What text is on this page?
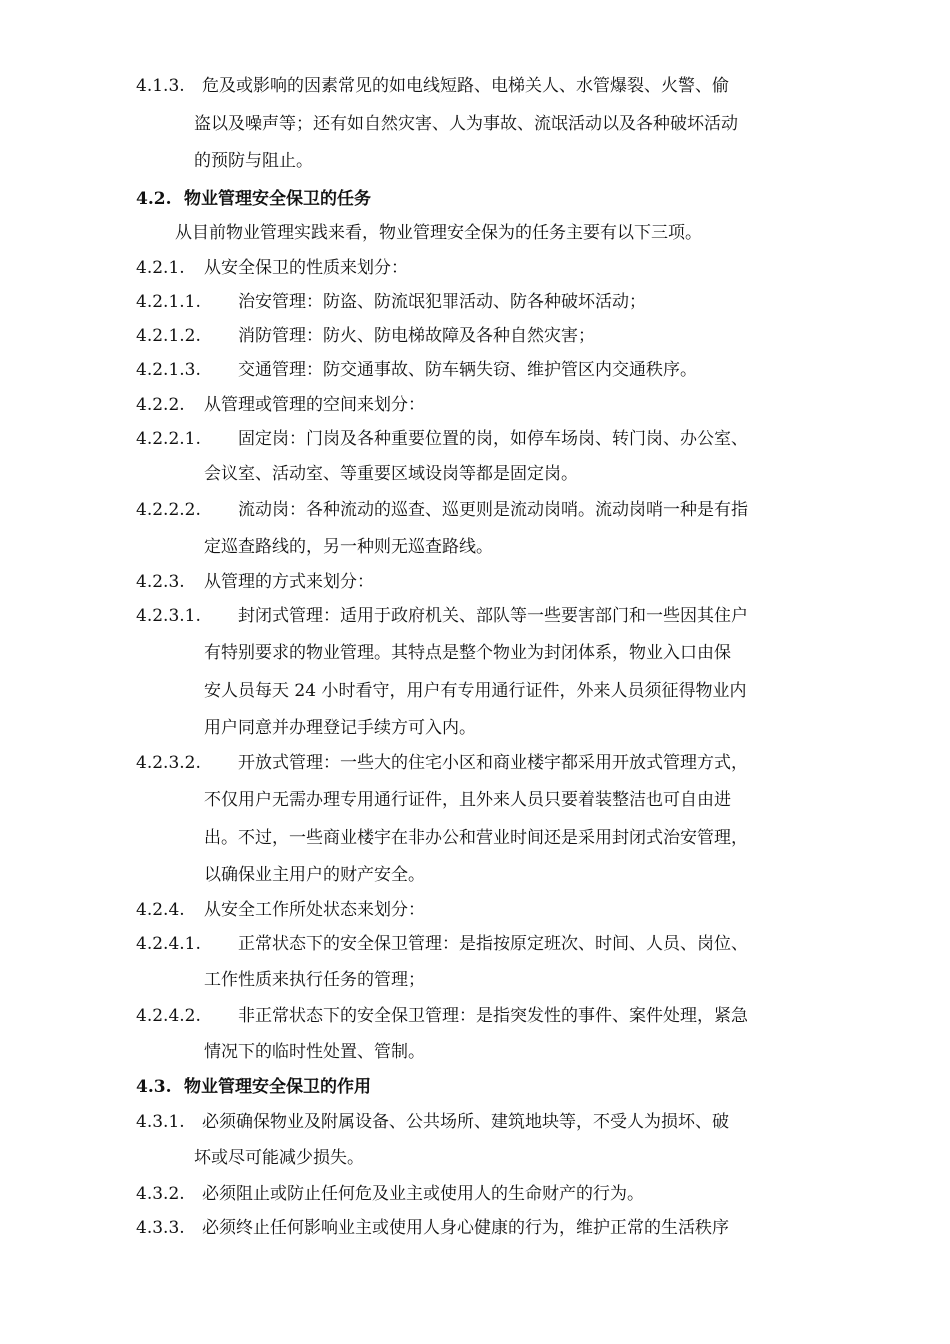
4.1.3. 危及或影响的因素常见的如电线短路、电梯关人、水管爆裂、火警、偷
盗以及噪声等；还有如自然灾害、人为事故、流氓活动以及各种破坏活动
的预防与阻止。
4.2. 物业管理安全保卫的任务
从目前物业管理实践来看，物业管理安全保为的任务主要有以下三项。
4.2.1. 从安全保卫的性质来划分：
4.2.1.1. 治安管理：防盗、防流氓犯罪活动、防各种破坏活动；
4.2.1.2. 消防管理：防火、防电梯故障及各种自然灾害；
4.2.1.3. 交通管理：防交通事故、防车辆失窃、维护管区内交通秩序。
4.2.2. 从管理或管理的空间来划分：
4.2.2.1. 固定岗：门岗及各种重要位置的岗，如停车场岗、转门岗、办公室、
会议室、活动室、等重要区域设岗等都是固定岗。
4.2.2.2. 流动岗：各种流动的巡查、巡更则是流动岗哨。流动岗哨一种是有指
定巡查路线的，另一种则无巡查路线。
4.2.3. 从管理的方式来划分：
4.2.3.1. 封闭式管理：适用于政府机关、部队等一些要害部门和一些因其住户
有特别要求的物业管理。其特点是整个物业为封闭体系，物业入口由保
安人员每天 24 小时看守，用户有专用通行证件，外来人员须征得物业内
用户同意并办理登记手续方可入内。
4.2.3.2. 开放式管理：一些大的住宅小区和商业楼宇都采用开放式管理方式，
不仅用户无需办理专用通行证件，且外来人员只要着装整洁也可自由进
出。不过，一些商业楼宇在非办公和营业时间还是采用封闭式治安管理，
以确保业主用户的财产安全。
4.2.4. 从安全工作所处状态来划分：
4.2.4.1. 正常状态下的安全保卫管理：是指按原定班次、时间、人员、岗位、
工作性质来执行任务的管理；
4.2.4.2. 非正常状态下的安全保卫管理：是指突发性的事件、案件处理，紧急
情况下的临时性处置、管制。
4.3. 物业管理安全保卫的作用
4.3.1. 必须确保物业及附属设备、公共场所、建筑地块等，不受人为损坏、破
坏或尽可能减少损失。
4.3.2. 必须阻止或防止任何危及业主或使用人的生命财产的行为。
4.3.3. 必须终止任何影响业主或使用人身心健康的行为，维护正常的生活秩序
